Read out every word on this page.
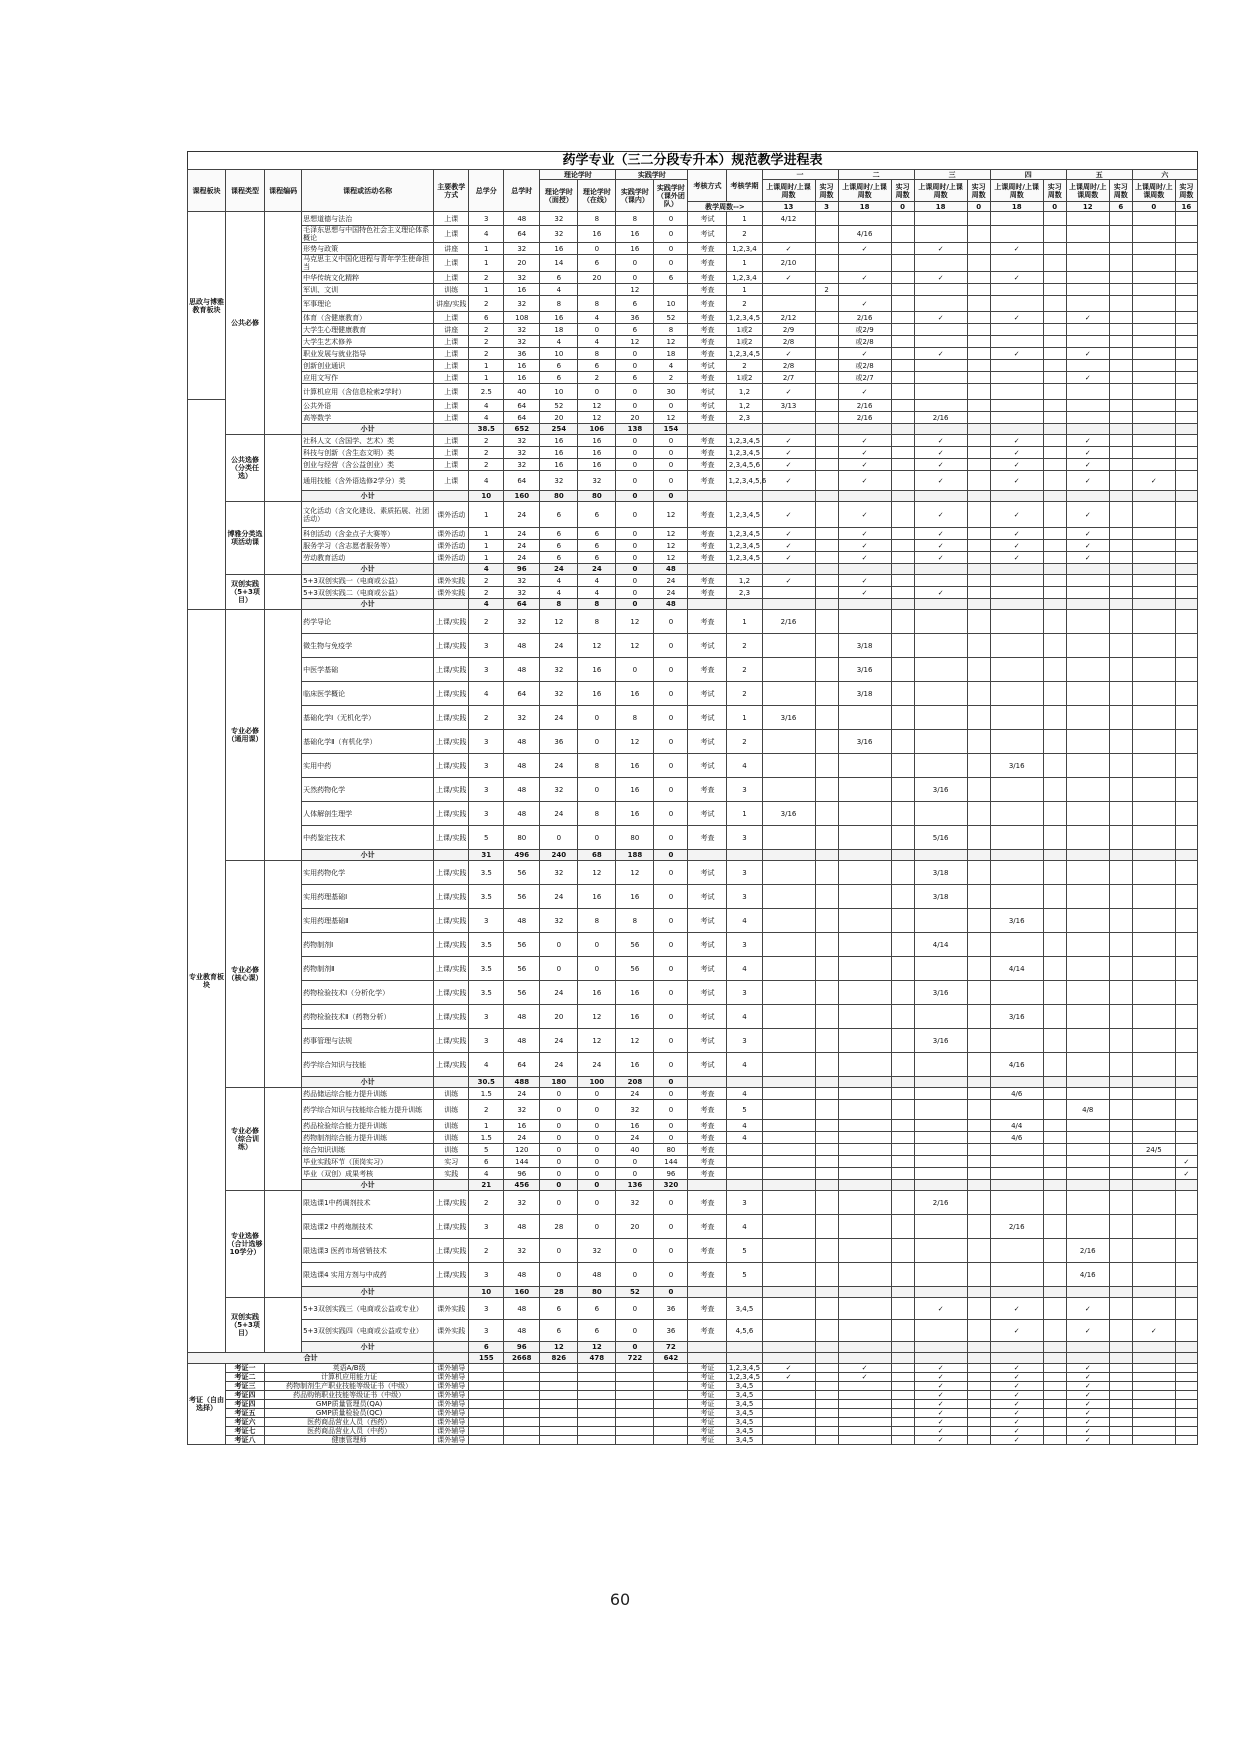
药学专业（三二分段专升本）规范教学进程表
课程板块	课程类型	课程编码	课程或活动名称	主要教学方式	总学分	总学时	理论学时		实践学时		考核方式	考核学期	一		二		三		四		五		六	
							理论学时（面授）	理论学时（在线）	实践学时（课内）	实践学时（课外团队）			上课周时/上课周数	实习周数	上课周时/上课周数	实习周数	上课周时/上课周数	实习周数	上课周时/上课周数	实习周数	上课周时/上课周数	实习周数	上课周时/上课周数	实习周数
											教学周数-->		13	3	18	0	18	0	18	0	12	6	0	16
思政与博雅教育板块	公共必修		思想道德与法治	上课	3	48	32	8	8	0	考试	1	4/12											
			毛泽东思想与中国特色社会主义理论体系概论	上课	4	64	32	16	16	0	考试	2			4/16									
			形势与政策	讲座	1	32	16	0	16	0	考查	1,2,3,4	✓		✓		✓		✓					
			马克思主义中国化进程与青年学生使命担当	上课	1	20	14	6	0	0	考查	1	2/10											
			中华传统文化精粹	上课	2	32	6	20	0	6	考查	1,2,3,4	✓		✓		✓		✓					
			军训、文训	训练	1	16	4		12		考查	1		2										
			军事理论	讲座/实践	2	32	8	8	6	10	考查	2			✓									
			体育（含健康教育）	上课	6	108	16	4	36	52	考查	1,2,3,4,5	2/12		2/16		✓		✓		✓			
			大学生心理健康教育	讲座	2	32	18	0	6	8	考查	1或2	2/9		或2/9									
			大学生艺术修养	上课	2	32	4	4	12	12	考查	1或2	2/8		或2/8									
			职业发展与就业指导	上课	2	36	10	8	0	18	考查	1,2,3,4,5	✓		✓		✓		✓		✓			
			创新创业通识	上课	1	16	6	6	0	4	考试	2	2/8		或2/8									
			应用文写作	上课	1	16	6	2	6	2	考查	1或2	2/7		或2/7						✓			
			计算机应用（含信息检索2学时）	上课	2.5	40	10	0	0	30	考试	1,2	✓		✓									
			公共外语	上课	4	64	52	12	0	0	考试	1,2	3/13		2/16									
			高等数学	上课	4	64	20	12	20	12	考查	2,3			2/16		2/16							
			小计		38.5	652	254	106	138	154														
	公共选修（分类任选）		社科人文（含国学、艺术）类	上课	2	32	16	16	0	0	考查	1,2,3,4,5	✓		✓		✓		✓		✓			
			科技与创新（含生态文明）类	上课	2	32	16	16	0	0	考查	1,2,3,4,5	✓		✓		✓		✓		✓			
			创业与经营（含公益创业）类	上课	2	32	16	16	0	0	考查	2,3,4,5,6	✓		✓		✓		✓		✓			
			通用技能（含外语选修2学分）类	上课	4	64	32	32	0	0	考查	1,2,3,4,5,6	✓		✓		✓		✓		✓		✓	
			小计		10	160	80	80	0	0														
	博雅分类选项活动课		文化活动（含文化建设、素质拓展、社团活动）	课外活动	1	24	6	6	0	12	考查	1,2,3,4,5	✓		✓		✓		✓		✓			
			科创活动（含金点子大赛等）	课外活动	1	24	6	6	0	12	考查	1,2,3,4,5	✓		✓		✓		✓		✓			
			服务学习（含志愿者服务等）	课外活动	1	24	6	6	0	12	考查	1,2,3,4,5	✓		✓		✓		✓		✓			
			劳动教育活动	课外活动	1	24	6	6	0	12	考查	1,2,3,4,5	✓		✓		✓		✓		✓			
			小计		4	96	24	24	0	48														
	双创实践（5+3项目）		5+3双创实践一（电商或公益）	课外实践	2	32	4	4	0	24	考查	1,2	✓		✓									
			5+3双创实践二（电商或公益）	课外实践	2	32	4	4	0	24	考查	2,3			✓		✓							
			小计		4	64	8	8	0	48														
专业教育板块	专业必修（通用课）		药学导论	上课/实践	2	32	12	8	12	0	考查	1	2/16											
			微生物与免疫学	上课/实践	3	48	24	12	12	0	考试	2			3/18									
			中医学基础	上课/实践	3	48	32	16	0	0	考查	2			3/16									
			临床医学概论	上课/实践	4	64	32	16	16	0	考试	2			3/18									
			基础化学Ⅰ（无机化学）	上课/实践	2	32	24	0	8	0	考试	1	3/16											
			基础化学Ⅱ（有机化学）	上课/实践	3	48	36	0	12	0	考试	2			3/16									
			实用中药	上课/实践	3	48	24	8	16	0	考试	4							3/16					
			天然药物化学	上课/实践	3	48	32	0	16	0	考查	3					3/16							
			人体解剖生理学	上课/实践	3	48	24	8	16	0	考试	1	3/16											
			中药鉴定技术	上课/实践	5	80	0	0	80	0	考查	3					5/16							
			小计		31	496	240	68	188	0														
	专业必修（核心课）		实用药物化学	上课/实践	3.5	56	32	12	12	0	考试	3					3/18							
			实用药理基础Ⅰ	上课/实践	3.5	56	24	16	16	0	考试	3					3/18							
			实用药理基础Ⅱ	上课/实践	3	48	32	8	8	0	考试	4							3/16					
			药物制剂Ⅰ	上课/实践	3.5	56	0	0	56	0	考试	3					4/14							
			药物制剂Ⅱ	上课/实践	3.5	56	0	0	56	0	考试	4							4/14					
			药物检验技术Ⅰ（分析化学）	上课/实践	3.5	56	24	16	16	0	考试	3					3/16							
			药物检验技术Ⅱ（药物分析）	上课/实践	3	48	20	12	16	0	考试	4							3/16					
			药事管理与法规	上课/实践	3	48	24	12	12	0	考试	3					3/16							
			药学综合知识与技能	上课/实践	4	64	24	24	16	0	考试	4							4/16					
			小计		30.5	488	180	100	208	0														
	专业必修（综合训练）		药品储运综合能力提升训练	训练	1.5	24	0	0	24	0	考查	4							4/6					
			药学综合知识与技能综合能力提升训练	训练	2	32	0	0	32	0	考查	5									4/8			
			药品检验综合能力提升训练	训练	1	16	0	0	16	0	考查	4							4/4					
			药物制剂综合能力提升训练	训练	1.5	24	0	0	24	0	考查	4							4/6					
			综合知识训练	训练	5	120	0	0	40	80	考查												24/5	
			毕业实践环节（顶岗实习）	实习	6	144	0	0	0	144	考查													✓
			毕业（双创）成果考核	实践	4	96	0	0	0	96	考查													✓
			小计		21	456	0	0	136	320														
	专业选修（合计选够10学分）		限选课1中药调剂技术	上课/实践	2	32	0	0	32	0	考查	3					2/16							
			限选课2 中药炮制技术	上课/实践	3	48	28	0	20	0	考查	4							2/16					
			限选课3 医药市场营销技术	上课/实践	2	32	0	32	0	0	考查	5									2/16			
			限选课4 实用方剂与中成药	上课/实践	3	48	0	48	0	0	考查	5									4/16			
			小计		10	160	28	80	52	0														
	双创实践（5+3项目）		5+3双创实践三（电商或公益或专业）	课外实践	3	48	6	6	0	36	考查	3,4,5					✓		✓		✓			
			5+3双创实践四（电商或公益或专业）	课外实践	3	48	6	6	0	36	考查	4,5,6							✓		✓		✓	
			小计		6	96	12	12	0	72														
合计					155	2668	826	478	722	642														
考证（自由选择）	考证一	英语A/B级		课外辅导							考证	1,2,3,4,5	✓		✓		✓		✓		✓			
	考证二	计算机应用能力证		课外辅导							考证	1,2,3,4,5	✓		✓		✓		✓		✓			
	考证三	药物制剂生产职业技能等级证书（中级）		课外辅导							考证	3,4,5					✓		✓		✓			
	考证四	药品购销职业技能等级证书（中级）		课外辅导							考证	3,4,5					✓		✓		✓			
	考证四	GMP质量管理员(QA)		课外辅导							考证	3,4,5					✓		✓		✓			
	考证五	GMP质量检验员(QC)		课外辅导							考证	3,4,5					✓		✓		✓			
	考证六	医药商品营业人员（西药）		课外辅导							考证	3,4,5					✓		✓		✓			
	考证七	医药商品营业人员（中药）		课外辅导							考证	3,4,5					✓		✓		✓			
	考证八	健康管理师		课外辅导							考证	3,4,5					✓		✓		✓			
60
